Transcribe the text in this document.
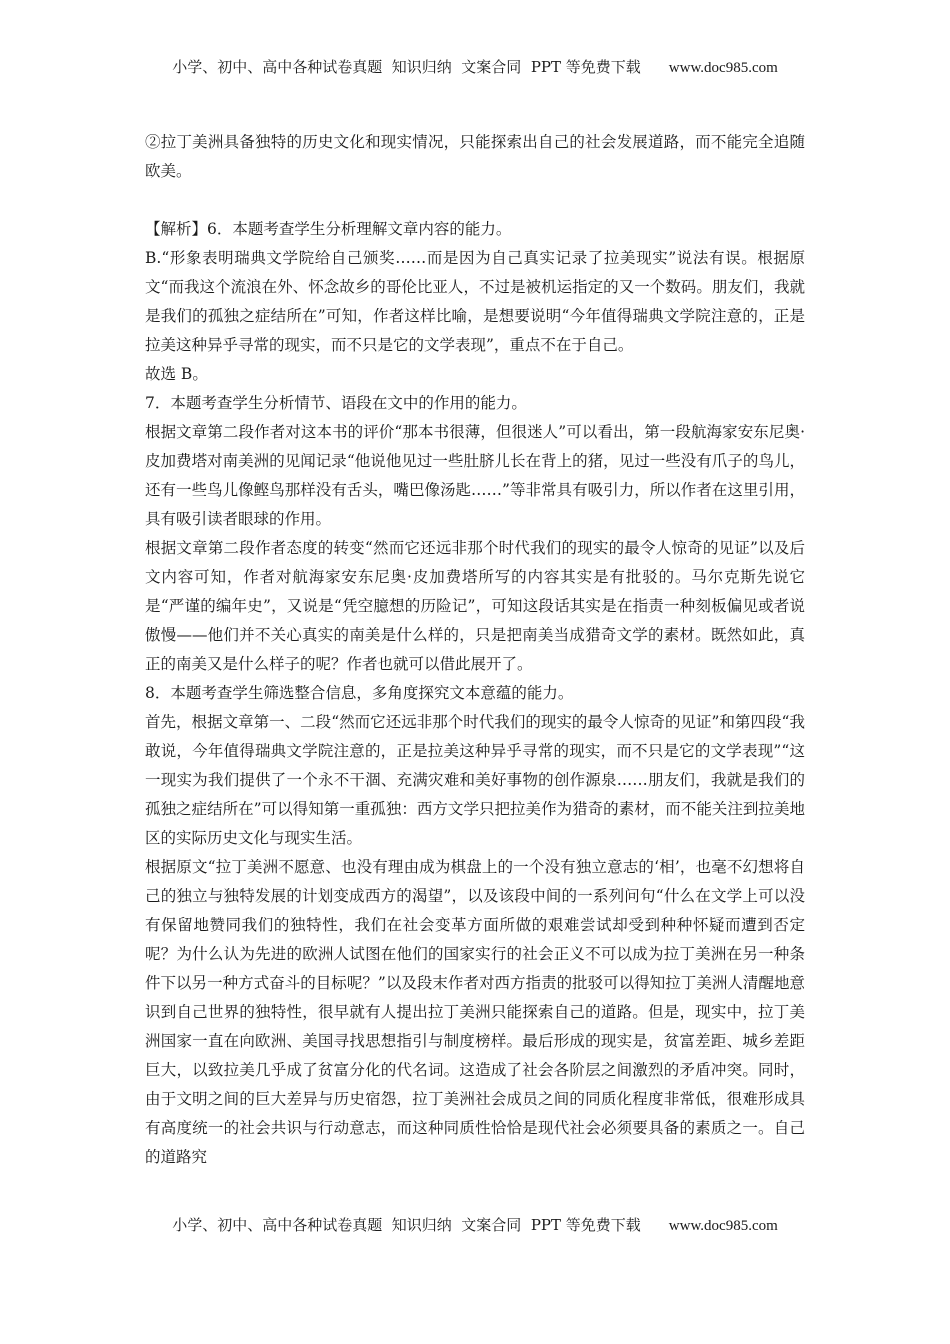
小学、初中、高中各种试卷真题  知识归纳  文案合同  PPT 等免费下载 www.doc985.com

②拉丁美洲具备独特的历史文化和现实情况，只能探索出自己的社会发展道路，而不能完全追随欧美。

【解析】6．本题考查学生分析理解文章内容的能力。

B.“形象表明瑞典文学院给自己颁奖……而是因为自己真实记录了拉美现实”说法有误。根据原文“而我这个流浪在外、怀念故乡的哥伦比亚人，不过是被机运指定的又一个数码。朋友们，我就是我们的孤独之症结所在”可知，作者这样比喻，是想要说明“今年值得瑞典文学院注意的，正是拉美这种异乎寻常的现实，而不只是它的文学表现”，重点不在于自己。

故选 B。

7．本题考查学生分析情节、语段在文中的作用的能力。

根据文章第二段作者对这本书的评价“那本书很薄，但很迷人”可以看出，第一段航海家安东尼奥·皮加费塔对南美洲的见闻记录“他说他见过一些肚脐儿长在背上的猪，见过一些没有爪子的鸟儿，还有一些鸟儿像鲣鸟那样没有舌头，嘴巴像汤匙……”等非常具有吸引力，所以作者在这里引用，具有吸引读者眼球的作用。

根据文章第二段作者态度的转变“然而它还远非那个时代我们的现实的最令人惊奇的见证”以及后文内容可知，作者对航海家安东尼奥·皮加费塔所写的内容其实是有批驳的。马尔克斯先说它是“严谨的编年史”，又说是“凭空臆想的历险记”，可知这段话其实是在指责一种刻板偏见或者说傲慢——他们并不关心真实的南美是什么样的，只是把南美当成猎奇文学的素材。既然如此，真正的南美又是什么样子的呢？作者也就可以借此展开了。

8．本题考查学生筛选整合信息，多角度探究文本意蕴的能力。

首先，根据文章第一、二段“然而它还远非那个时代我们的现实的最令人惊奇的见证”和第四段“我敢说，今年值得瑞典文学院注意的，正是拉美这种异乎寻常的现实，而不只是它的文学表现”“这一现实为我们提供了一个永不干涸、充满灾难和美好事物的创作源泉……朋友们，我就是我们的孤独之症结所在”可以得知第一重孤独：西方文学只把拉美作为猎奇的素材，而不能关注到拉美地区的实际历史文化与现实生活。

根据原文“拉丁美洲不愿意、也没有理由成为棋盘上的一个没有独立意志的‘相’，也毫不幻想将自己的独立与独特发展的计划变成西方的渴望”，以及该段中间的一系列问句“什么在文学上可以没有保留地赞同我们的独特性，我们在社会变革方面所做的艰难尝试却受到种种怀疑而遭到否定呢？为什么认为先进的欧洲人试图在他们的国家实行的社会正义不可以成为拉丁美洲在另一种条件下以另一种方式奋斗的目标呢？”以及段末作者对西方指责的批驳可以得知拉丁美洲人清醒地意识到自己世界的独特性，很早就有人提出拉丁美洲只能探索自己的道路。但是，现实中，拉丁美洲国家一直在向欧洲、美国寻找思想指引与制度榜样。最后形成的现实是，贫富差距、城乡差距巨大，以致拉美几乎成了贫富分化的代名词。这造成了社会各阶层之间激烈的矛盾冲突。同时，由于文明之间的巨大差异与历史宿怨，拉丁美洲社会成员之间的同质化程度非常低，很难形成具有高度统一的社会共识与行动意志，而这种同质性恰恰是现代社会必须要具备的素质之一。自己的道路究

小学、初中、高中各种试卷真题  知识归纳  文案合同  PPT 等免费下载 www.doc985.com
